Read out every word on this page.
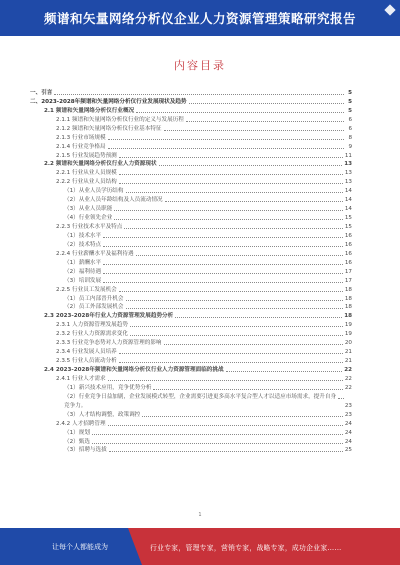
频谱和矢量网络分析仪企业人力资源管理策略研究报告
内容目录
一、引言	5
二、2023-2028年频谱和矢量网络分析仪行业发展现状及趋势	5
2.1 频谱和矢量网络分析仪行业概况	5
2.1.1 频谱和矢量网络分析仪行业的定义与发展历程	6
2.1.2 频谱和矢量网络分析仪行业基本特征	6
2.1.3 行业市场规模	8
2.1.4 行业竞争格局	9
2.1.5 行业发展趋势预测	11
2.2 频谱和矢量网络分析仪行业人力资源现状	13
2.2.1 行业从业人员规模	13
2.2.2 行业从业人员结构	13
（1）从业人员学历结构	14
（2）从业人员年龄结构及人员流动情况	14
（3）从业人员职能	14
（4）行业领先企业	15
2.2.3 行业技术水平及特点	15
（1）技术水平	16
（2）技术特点	16
2.2.4 行业薪酬水平及福利待遇	16
（1）薪酬水平	16
（2）福利待遇	17
（3）培训发展	17
2.2.5 行业员工发展机会	18
（1）员工内部晋升机会	18
（2）员工外部发展机会	18
2.3 2023-2028年行业人力资源管理发展趋势分析	18
2.3.1 人力资源管理发展趋势	19
2.3.2 行业人力资源需求变化	19
2.3.3 行业竞争态势对人力资源管理的影响	20
2.3.4 行业发展人员培养	21
2.3.5 行业人员流动分析	21
2.4 2023-2028年频谱和矢量网络分析仪行业人力资源管理面临的挑战	22
2.4.1 行业人才需求	22
（1）新兴技术应用，竞争优势分析	22
（2）行业竞争日益加剧，企业发展模式转型，企业需要引进更多高水平复合型人才以适应市场需求，提升自身
竞争力。	23
（3）人才结构调整，政策调控	23
2.4.2 人才招聘管理	24
（1）规划	24
（2）甄选	24
（3）招聘与选拔	25
1
让每个人都能成为	行业专家，管理专家，营销专家，战略专家，成功企业家……
